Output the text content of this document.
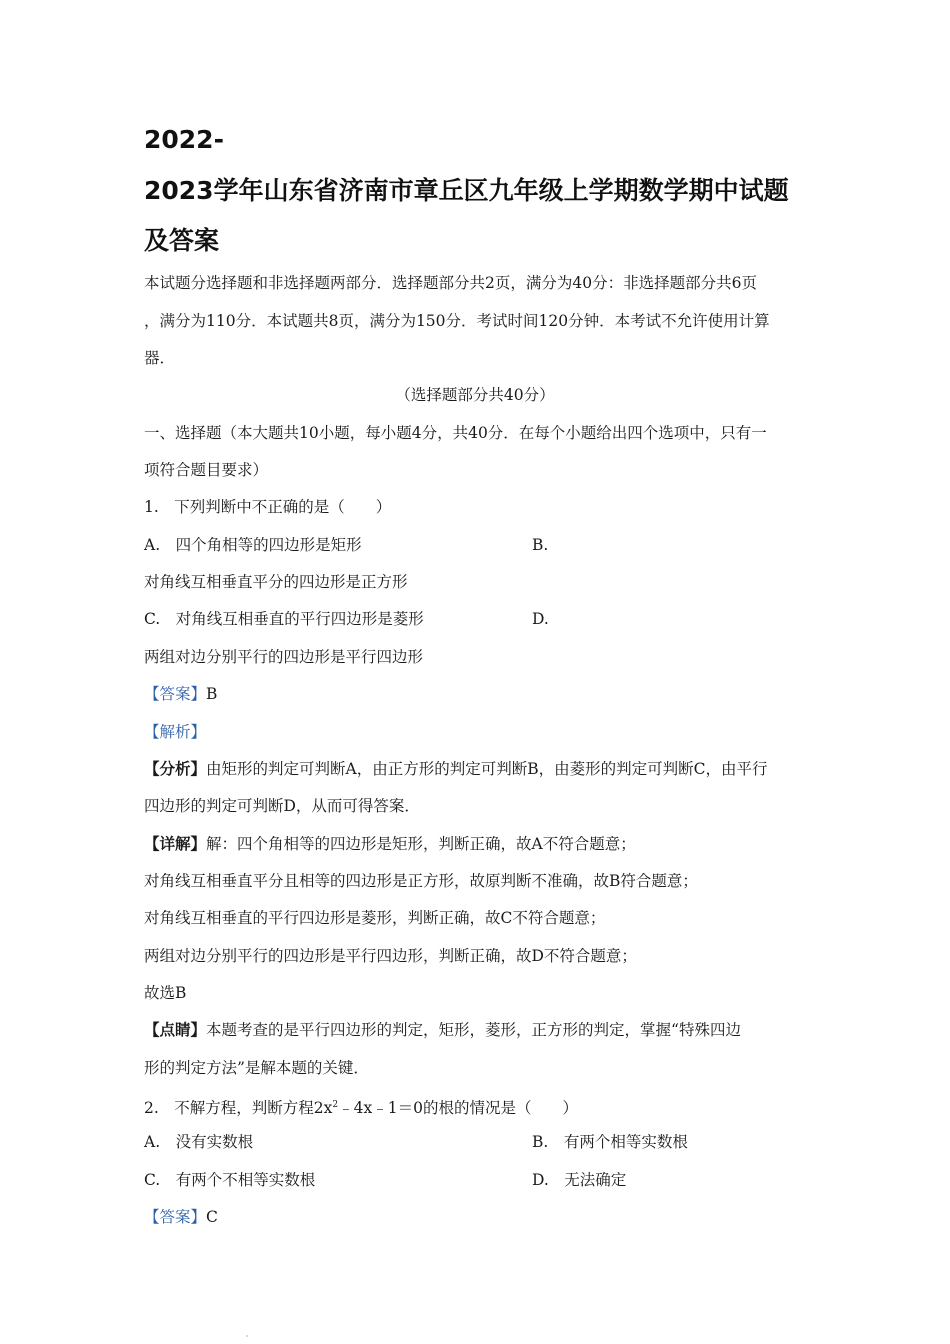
2022-
2023学年山东省济南市章丘区九年级上学期数学期中试题
及答案
本试题分选择题和非选择题两部分．选择题部分共2页，满分为40分：非选择题部分共6页
，满分为110分．本试题共8页，满分为150分．考试时间120分钟．本考试不允许使用计算
器．
（选择题部分共40分）
一、选择题（本大题共10小题，每小题4分，共40分．在每个小题给出四个选项中，只有一
项符合题目要求）
1.　下列判断中不正确的是（　　）
A.　四个角相等的四边形是矩形	B.
对角线互相垂直平分的四边形是正方形
C.　对角线互相垂直的平行四边形是菱形	D.
两组对边分别平行的四边形是平行四边形
【答案】B
【解析】
【分析】由矩形的判定可判断A，由正方形的判定可判断B，由菱形的判定可判断C，由平行
四边形的判定可判断D，从而可得答案．
【详解】解：四个角相等的四边形是矩形，判断正确，故A不符合题意；
对角线互相垂直平分且相等的四边形是正方形，故原判断不准确，故B符合题意；
对角线互相垂直的平行四边形是菱形，判断正确，故C不符合题意；
两组对边分别平行的四边形是平行四边形，判断正确，故D不符合题意；
故选B
【点睛】本题考查的是平行四边形的判定，矩形，菱形，正方形的判定，掌握“特殊四边
形的判定方法”是解本题的关键．
2.　不解方程，判断方程$2x^2﹣4x﹣1=0$的根的情况是（　　）
A.　没有实数根	B.　有两个相等实数根
C.　有两个不相等实数根	D.　无法确定
【答案】C
